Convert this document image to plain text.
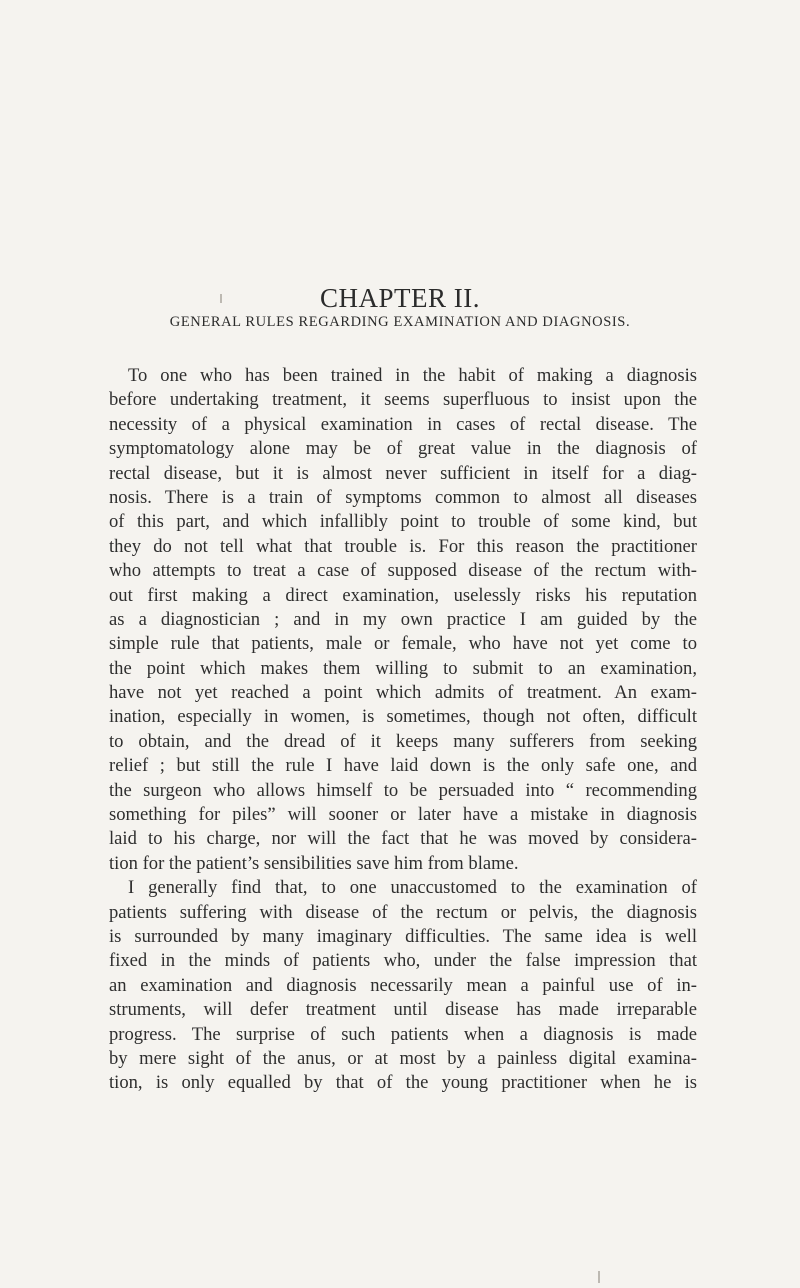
CHAPTER II.
GENERAL RULES REGARDING EXAMINATION AND DIAGNOSIS.
To one who has been trained in the habit of making a diagnosis
before undertaking treatment, it seems superfluous to insist upon the
necessity of a physical examination in cases of rectal disease. The
symptomatology alone may be of great value in the diagnosis of
rectal disease, but it is almost never sufficient in itself for a diag-
nosis. There is a train of symptoms common to almost all diseases
of this part, and which infallibly point to trouble of some kind, but
they do not tell what that trouble is. For this reason the practitioner
who attempts to treat a case of supposed disease of the rectum with-
out first making a direct examination, uselessly risks his reputation
as a diagnostician ; and in my own practice I am guided by the
simple rule that patients, male or female, who have not yet come to
the point which makes them willing to submit to an examination,
have not yet reached a point which admits of treatment. An exam-
ination, especially in women, is sometimes, though not often, difficult
to obtain, and the dread of it keeps many sufferers from seeking
relief ; but still the rule I have laid down is the only safe one, and
the surgeon who allows himself to be persuaded into “ recommending
something for piles” will sooner or later have a mistake in diagnosis
laid to his charge, nor will the fact that he was moved by considera-
tion for the patient’s sensibilities save him from blame.
I generally find that, to one unaccustomed to the examination of
patients suffering with disease of the rectum or pelvis, the diagnosis
is surrounded by many imaginary difficulties. The same idea is well
fixed in the minds of patients who, under the false impression that
an examination and diagnosis necessarily mean a painful use of in-
struments, will defer treatment until disease has made irreparable
progress. The surprise of such patients when a diagnosis is made
by mere sight of the anus, or at most by a painless digital examina-
tion, is only equalled by that of the young practitioner when he is
